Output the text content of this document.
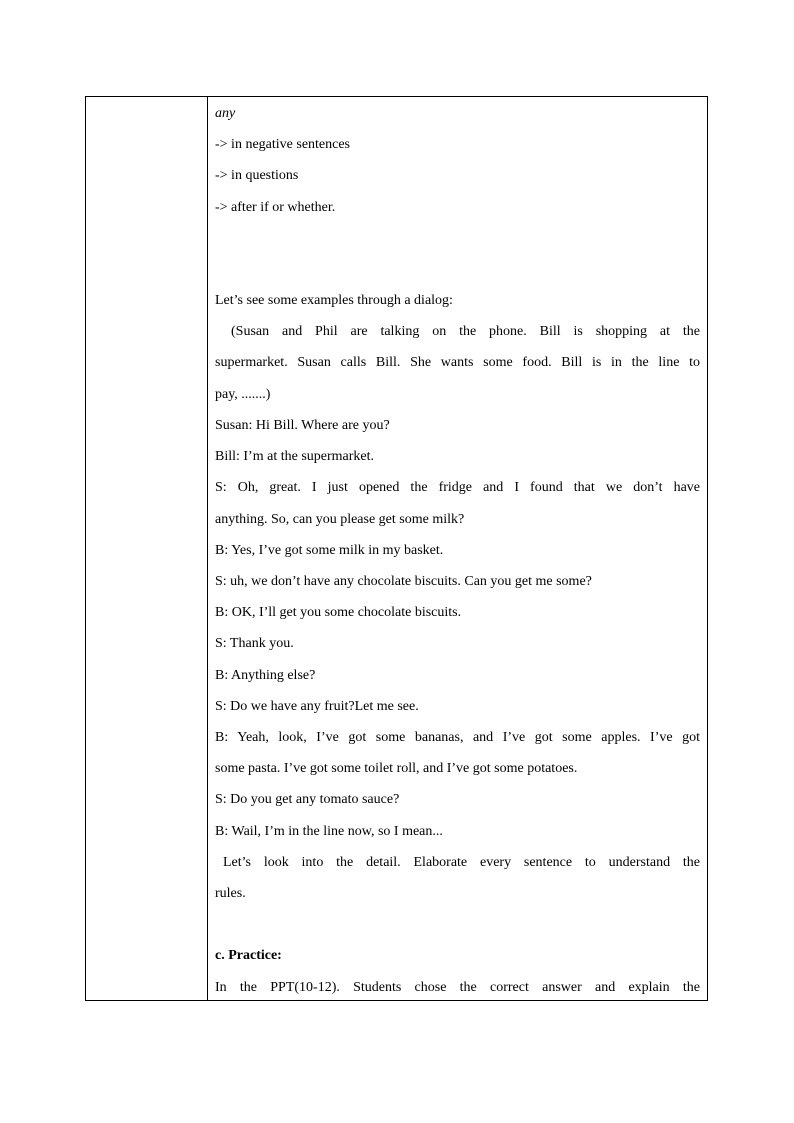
any
-> in negative sentences
-> in questions
-> after if or whether.
Let’s see some examples through a dialog:
(Susan and Phil are talking on the phone. Bill is shopping at the
supermarket. Susan calls Bill. She wants some food. Bill is in the line to
pay, .......)
Susan: Hi Bill. Where are you?
Bill: I’m at the supermarket.
S: Oh, great. I just opened the fridge and I found that we don’t have
anything. So, can you please get some milk?
B: Yes, I’ve got some milk in my basket.
S: uh, we don’t have any chocolate biscuits. Can you get me some?
B: OK, I’ll get you some chocolate biscuits.
S: Thank you.
B: Anything else?
S: Do we have any fruit?Let me see.
B: Yeah, look, I’ve got some bananas, and I’ve got some apples. I’ve got
some pasta. I’ve got some toilet roll, and I’ve got some potatoes.
S: Do you get any tomato sauce?
B: Wail, I’m in the line now, so I mean...
Let’s look into the detail. Elaborate every sentence to understand the
rules.
c. Practice:
In the PPT(10-12). Students chose the correct answer and explain the
